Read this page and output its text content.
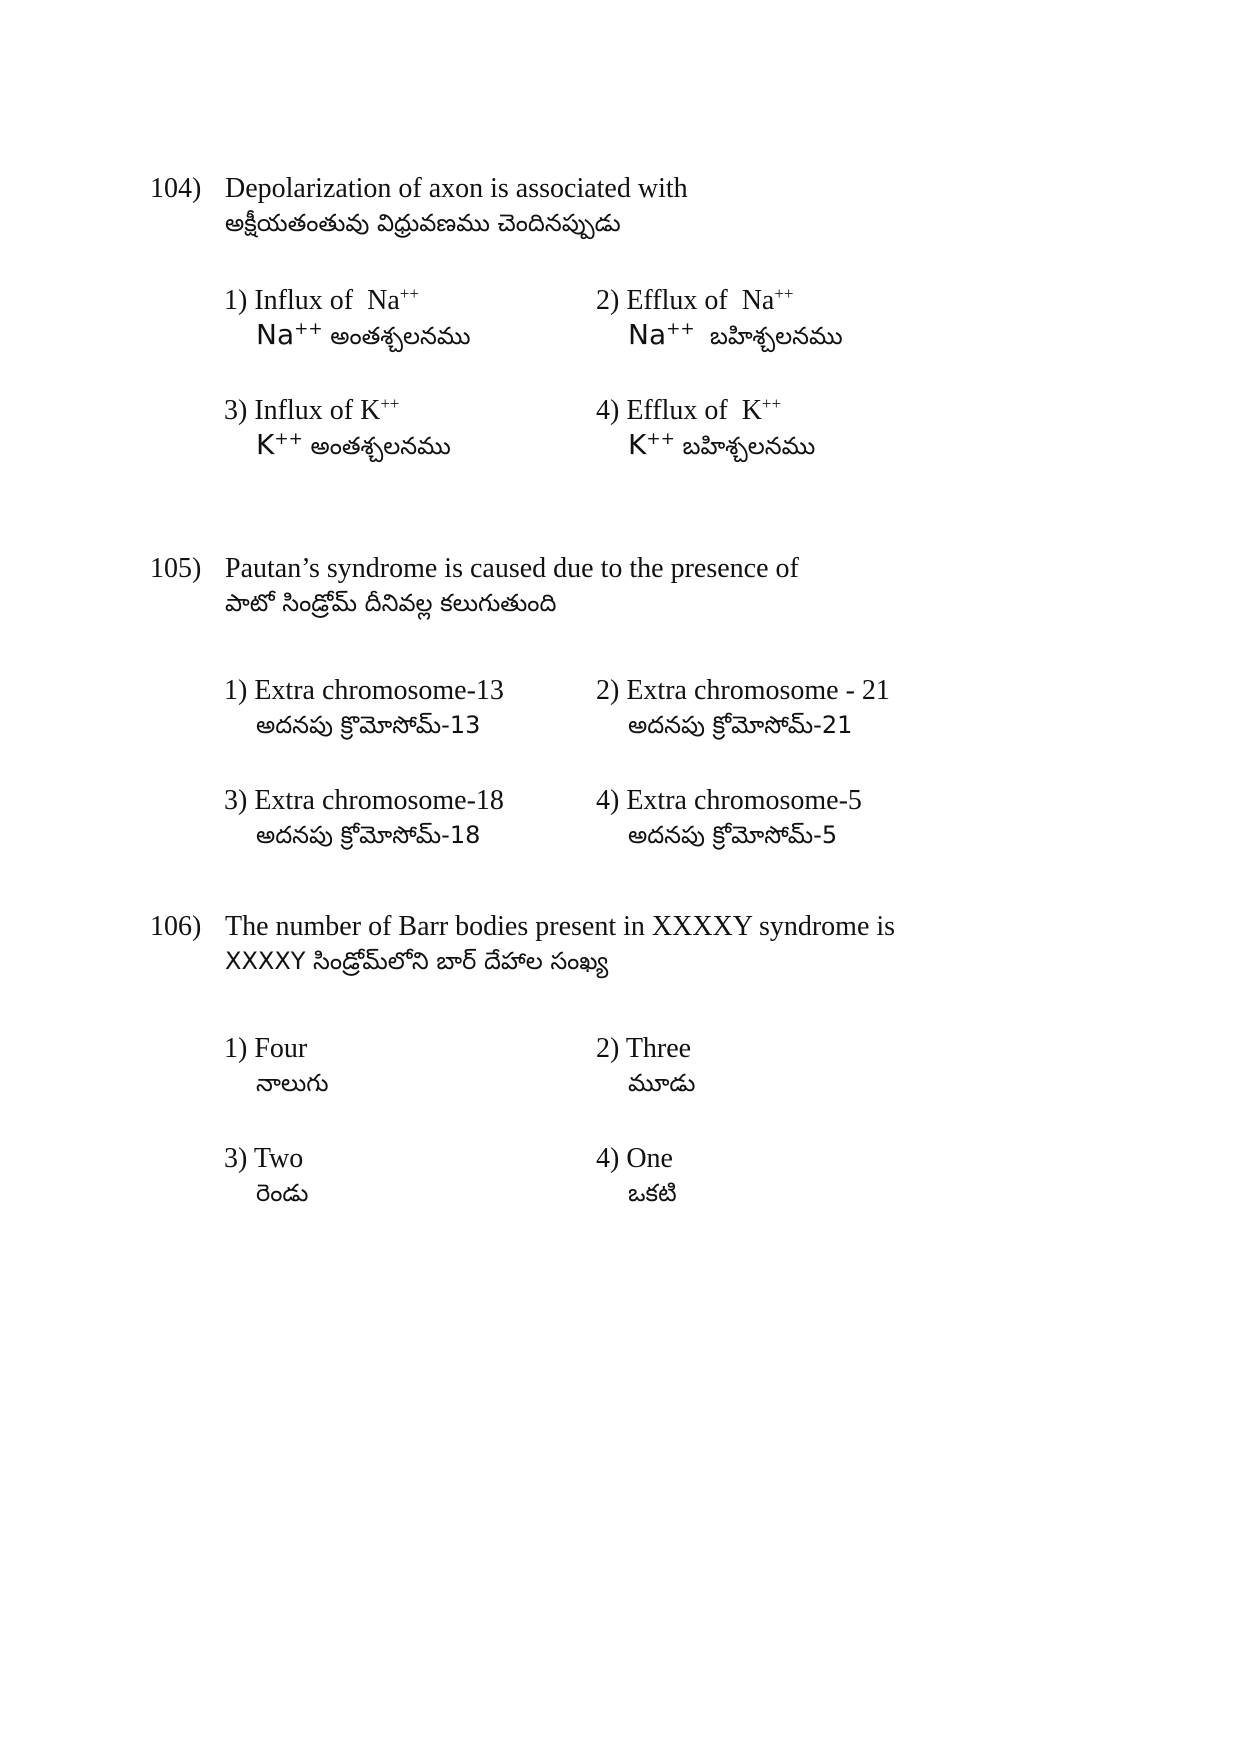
104) Depolarization of axon is associated with
అక్షీయతంతువు విధ్రువణము చెందినప్పుడు
1) Influx of Na++
Na++ అంతశ్చలనము
2) Efflux of Na++
Na++ బహిశ్చలనము
3) Influx of K++
K++ అంతశ్చలనము
4) Efflux of K++
K++ బహిశ్చలనము
105) Pautan’s syndrome is caused due to the presence of
పాటో సిండ్రోమ్ దీనివల్ల కలుగుతుంది
1) Extra chromosome-13
అదనపు క్రొమోసోమ్-13
2) Extra chromosome - 21
అదనపు క్రోమోసోమ్-21
3) Extra chromosome-18
అదనపు క్రోమోసోమ్-18
4) Extra chromosome-5
అదనపు క్రోమోసోమ్-5
106) The number of Barr bodies present in XXXXY syndrome is
XXXXY సిండ్రోమ్‌లోని బార్ దేహాల సంఖ్య
1) Four
నాలుగు
2) Three
మూడు
3) Two
రెండు
4) One
ఒకటి
